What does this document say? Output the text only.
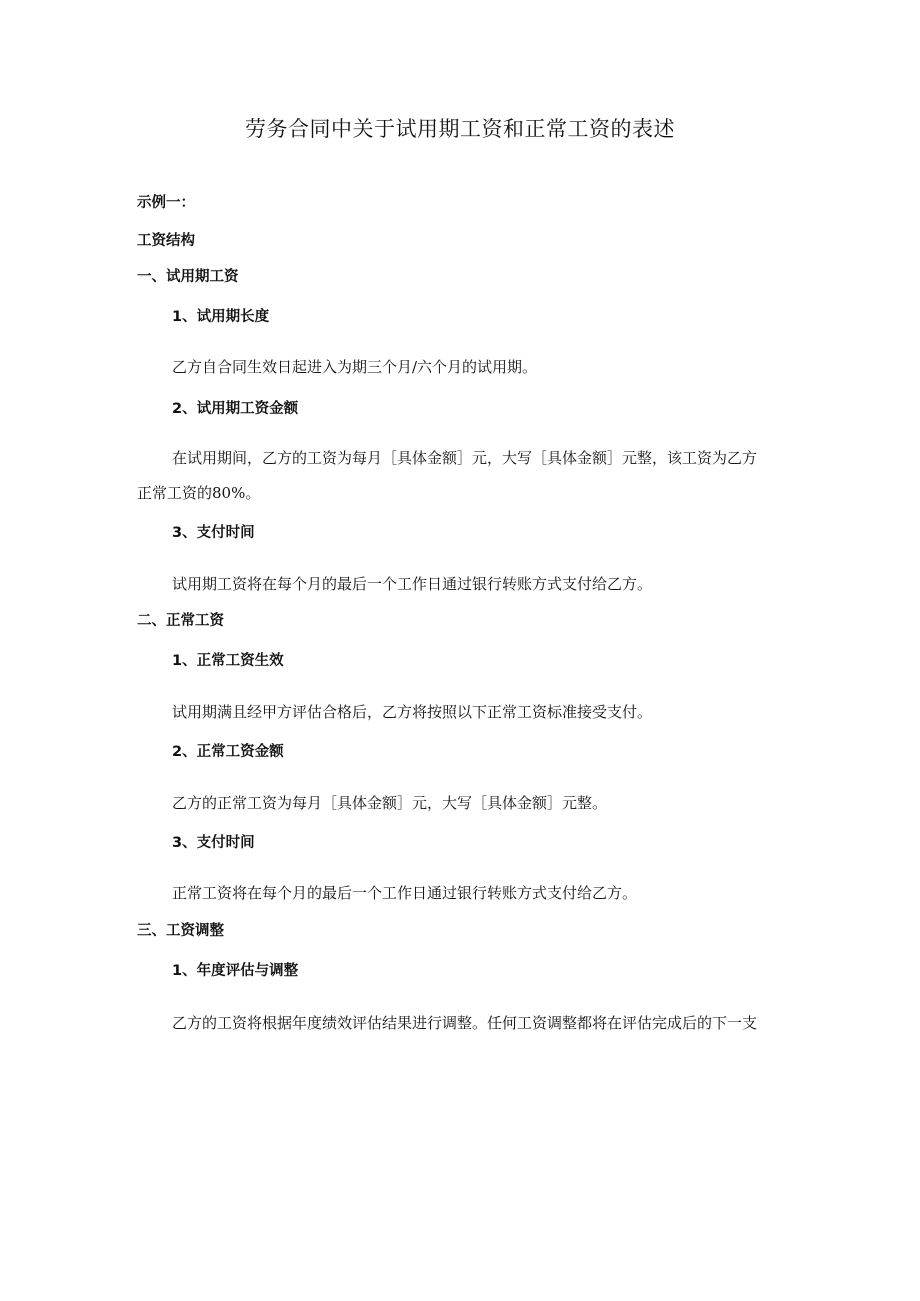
劳务合同中关于试用期工资和正常工资的表述

示例一：

工资结构

一、试用期工资

1、试用期长度

乙方自合同生效日起进入为期三个月/六个月的试用期。

2、试用期工资金额

在试用期间，乙方的工资为每月［具体金额］元，大写［具体金额］元整，该工资为乙方

正常工资的80%。

3、支付时间

试用期工资将在每个月的最后一个工作日通过银行转账方式支付给乙方。

二、正常工资

1、正常工资生效

试用期满且经甲方评估合格后，乙方将按照以下正常工资标准接受支付。

2、正常工资金额

乙方的正常工资为每月［具体金额］元，大写［具体金额］元整。

3、支付时间

正常工资将在每个月的最后一个工作日通过银行转账方式支付给乙方。

三、工资调整

1、年度评估与调整

乙方的工资将根据年度绩效评估结果进行调整。任何工资调整都将在评估完成后的下一支
